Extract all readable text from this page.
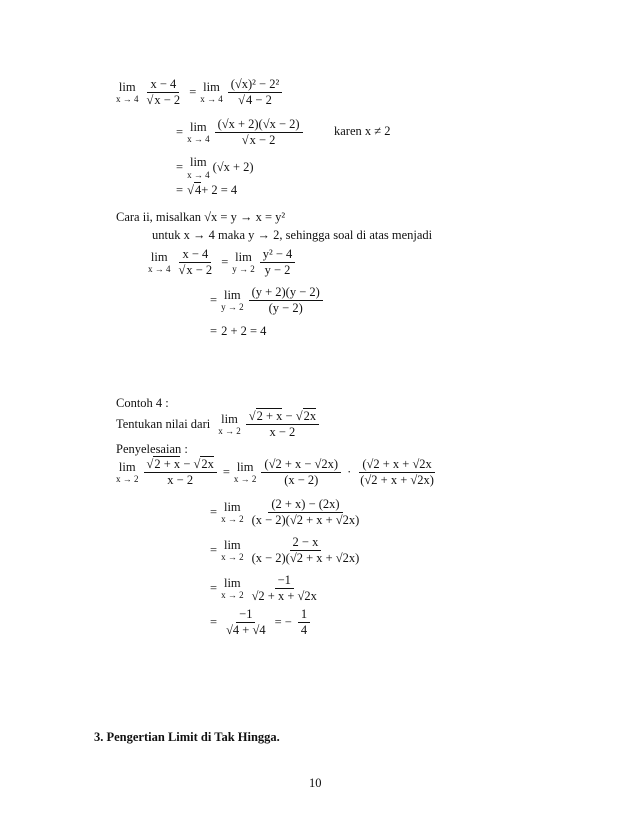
lim
$x \to 4 \frac{x - 4}{√x - 2} = \lim$
$x \to 4 \frac{\text{(√x)² − 2²}}{√4 - 2}$
= lim
$x \to 4 \frac{(√x + 2)(√x - 2)}{√x - 2}$	karen x ≠ 2
= lim
x → 4
(√x + 2)
= √ 4 + 2 = 4
Cara ii, misalkan √x = y → x = y²
untuk x → 4 maka y → 2, sehingga soal di atas menjadi
lim
$x \to 4 \frac{x - 4}{√x - 2} = \lim$
$y \to 2 \frac{\text{y² − 4}}{y - 2}$
= lim
$y \to 2 \frac{(y + 2)(y - 2)}{(y - 2)}$
= 2 + 2 = 4
Contoh 4 :
Tentukan nilai dari lim
$x \to 2 \frac{√2 + x - √2x}{x - 2}$
Penyelesaian :
lim
$x \to 2 \frac{√2 + x - √2x}{x - 2} = \lim$
$x \to 2 \frac{(√2 + x - √2x)}{(x - 2)} \cdot \frac{(√2 + x + √2x}{(√2 + x + √2x)}$
= lim
$x \to 2 \frac{(2 + x) - (2x)}{(x - 2)(√2 + x + √2x)}$
= lim
$x \to 2 \frac{2 - x}{(x - 2)(√2 + x + √2x)}$
= lim
$x \to 2 \frac{-1}{√2 + x + √2x}$
= $\frac{-1}{√4 + √4}$ = − $\frac{1}{4}$
3. Pengertian Limit di Tak Hingga.
10
